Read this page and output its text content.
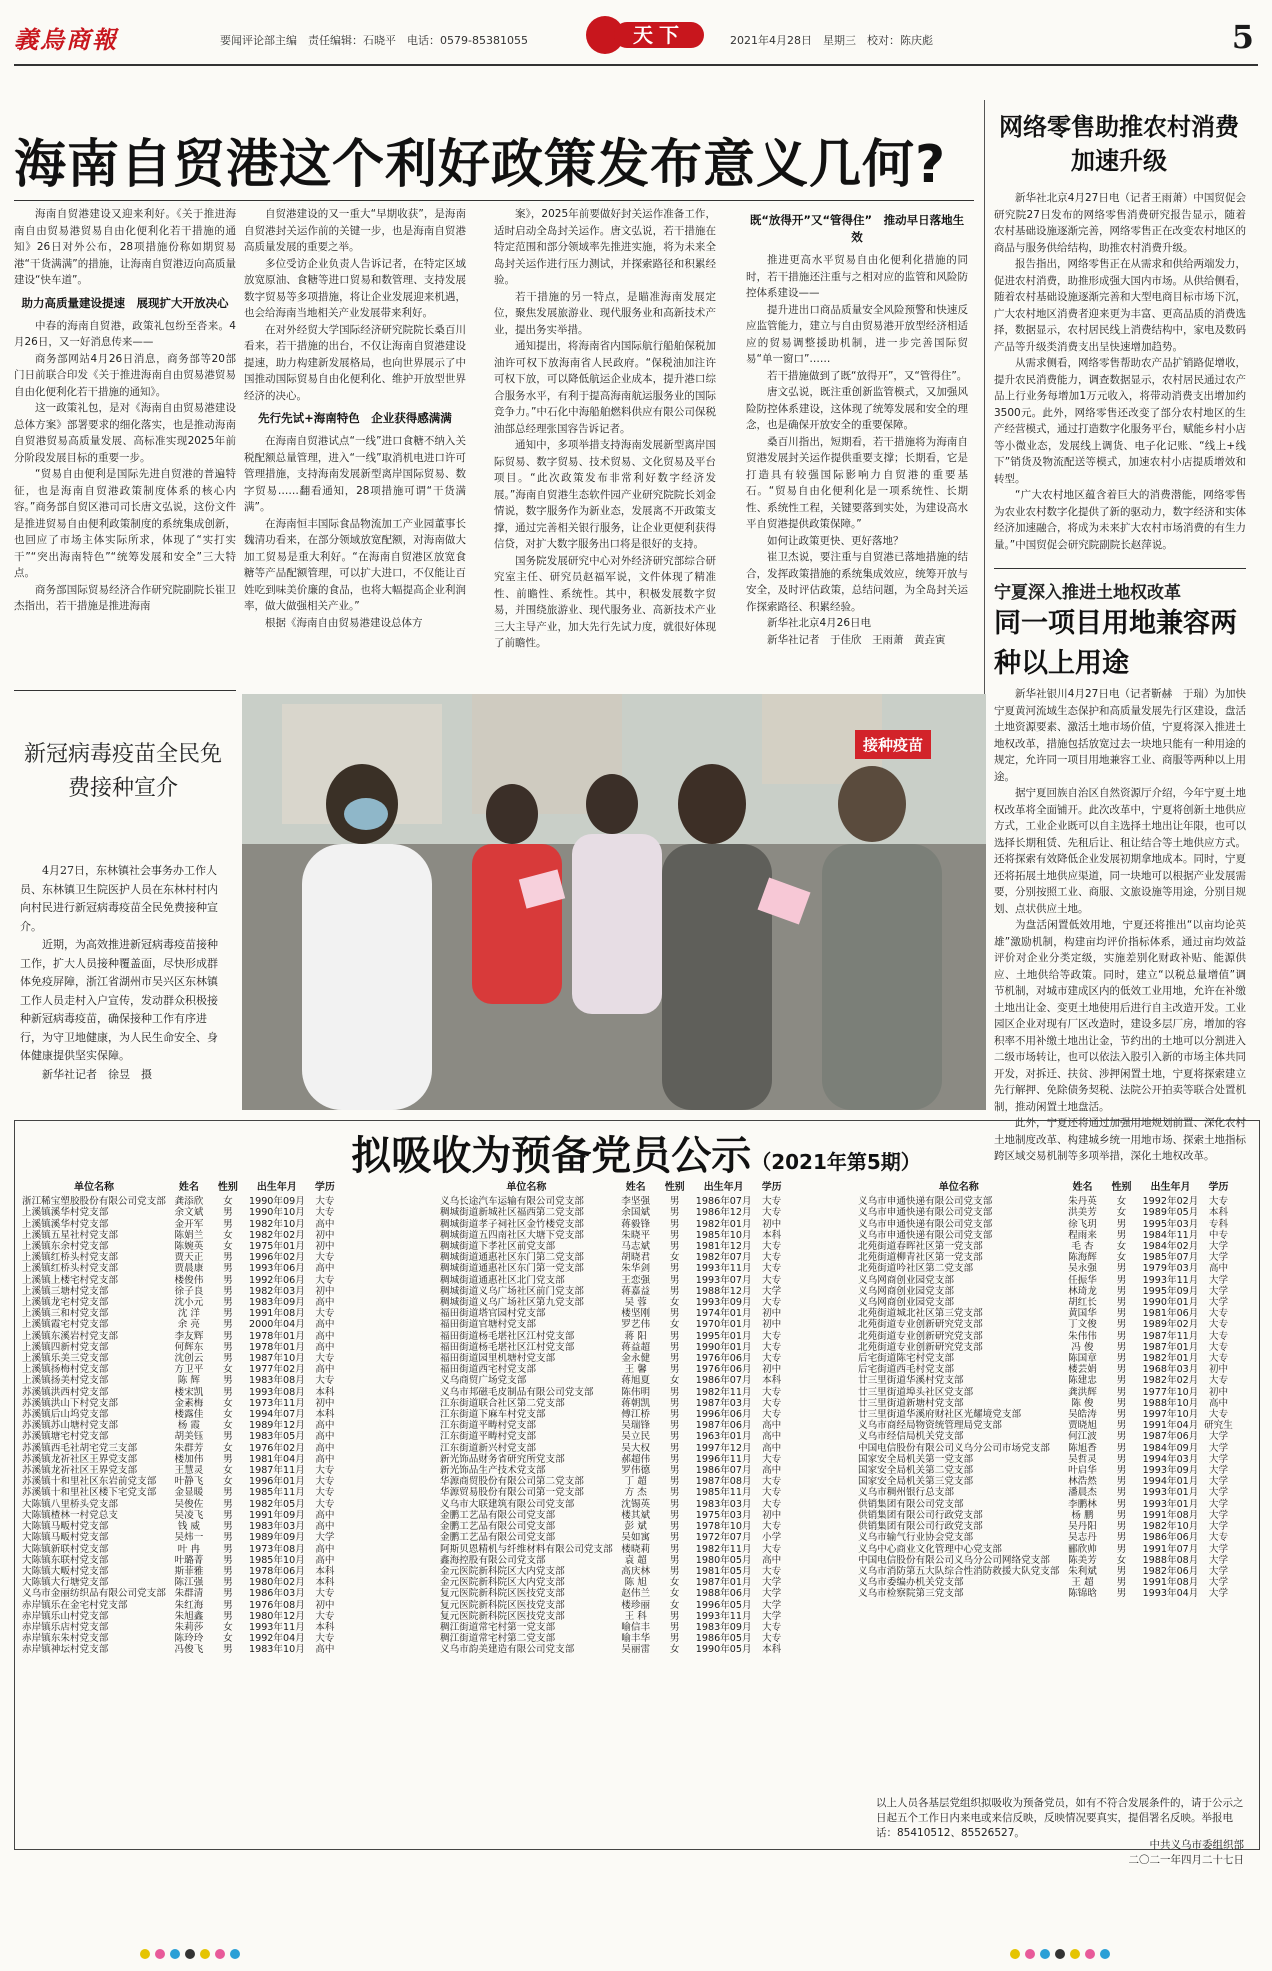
義烏商報	要闻评论部主编　责任编辑：石晓平　电话：0579-85381055	天下	2021年4月28日　星期三　校对：陈庆彪	5
海南自贸港这个利好政策发布意义几何?

海南自贸港建设又迎来利好。《关于推进海南自由贸易港贸易自由化便利化若干措施的通知》26日对外公布，28项措施份称如期贸易港“干货满满”的措施，让海南自贸港迈向高质量建设“快车道”。

助力高质量建设提速　展现扩大开放决心

中春的海南自贸港，政策礼包纷至沓来。4月26日，又一好消息传来——

商务部网站4月26日消息，商务部等20部门日前联合印发《关于推进海南自由贸易港贸易自由化便利化若干措施的通知》。

这一政策礼包，是对《海南自由贸易港建设总体方案》部署要求的细化落实，也是推动海南自贸港贸易高质量发展、高标准实现2025年前分阶段发展目标的重要一步。

“贸易自由便利是国际先进自贸港的普遍特征，也是海南自贸港政策制度体系的核心内容。”商务部自贸区港司司长唐文弘说，这份文件是推进贸易自由便利政策制度的系统集成创新，也回应了市场主体实际所求，体现了“实打实干”“突出海南特色”“统筹发展和安全”三大特点。

商务部国际贸易经济合作研究院副院长崔卫杰指出，若干措施是推进海南

自贸港建设的又一重大“早期收获”，是海南自贸港封关运作前的关键一步，也是海南自贸港高质量发展的重要之举。

多位受访企业负责人告诉记者，在特定区域放宽原油、食糖等进口贸易和数管理、支持发展数字贸易等多项措施，将让企业发展迎来机遇，也会给海南当地相关产业发展带来利好。

在对外经贸大学国际经济研究院院长桑百川看来，若干措施的出台，不仅让海南自贸港建设提速，助力构建新发展格局，也向世界展示了中国推动国际贸易自由化便利化、维护开放型世界经济的决心。

先行先试+海南特色　企业获得感满满

在海南自贸港试点“一线”进口食糖不纳入关税配额总量管理，进入“一线”取消机电进口许可管理措施，支持海南发展新型离岸国际贸易、数字贸易……翻看通知，28项措施可谓“干货满满”。

在海南恒丰国际食品物流加工产业园董事长魏清功看来，在部分领域放宽配额，对海南做大加工贸易是重大利好。“在海南自贸港区放宽食糖等产品配额管理，可以扩大进口，不仅能让百姓吃到味美价廉的食品，也将大幅提高企业利润率，做大做强相关产业。”

根据《海南自由贸易港建设总体方

案》，2025年前要做好封关运作准备工作，适时启动全岛封关运作。唐文弘说，若干措施在特定范围和部分领域率先推进实施，将为未来全岛封关运作进行压力测试，并探索路径和积累经验。

若干措施的另一特点，是瞄准海南发展定位，聚焦发展旅游业、现代服务业和高新技术产业，提出务实举措。

通知提出，将海南省内国际航行船舶保税加油许可权下放海南省人民政府。“保税油加注许可权下放，可以降低航运企业成本，提升港口综合服务水平，有利于提高海南航运服务业的国际竞争力。”中石化中海船舶燃料供应有限公司保税油部总经理张国容告诉记者。

通知中，多项举措支持海南发展新型离岸国际贸易、数字贸易、技术贸易、文化贸易及平台项目。“此次政策发布非常利好数字经济发展。”海南自贸港生态软件园产业研究院院长刘金情说，数字服务作为新业态，发展离不开政策支撑，通过完善相关银行服务，让企业更便利获得信贷，对扩大数字服务出口将是很好的支持。

国务院发展研究中心对外经济研究部综合研究室主任、研究员赵福军说，文件体现了精准性、前瞻性、系统性。其中，积极发展数字贸易，并围绕旅游业、现代服务业、高新技术产业三大主导产业，加大先行先试力度，就很好体现了前瞻性。

既“放得开”又“管得住”　推动早日落地生效

推进更高水平贸易自由化便利化措施的同时，若干措施还注重与之相对应的监管和风险防控体系建设——

提升进出口商品质量安全风险预警和快速反应监管能力，建立与自由贸易港开放型经济相适应的贸易调整援助机制，进一步完善国际贸易“单一窗口”……

若干措施做到了既“放得开”，又“管得住”。

唐文弘说，既注重创新监管模式，又加强风险防控体系建设，这体现了统筹发展和安全的理念，也是确保开放安全的重要保障。

桑百川指出，短期看，若干措施将为海南自贸港发展封关运作提供重要支撑；长期看，它是打造具有较强国际影响力自贸港的重要基石。“贸易自由化便利化是一项系统性、长期性、系统性工程，关键要落到实处，为建设高水平自贸港提供政策保障。”

如何让政策更快、更好落地？

崔卫杰说，要注重与自贸港已落地措施的结合，发挥政策措施的系统集成效应，统筹开放与安全，及时评估政策，总结问题，为全岛封关运作探索路径、积累经验。

新华社北京4月26日电

新华社记者　于佳欣　王雨萧　黄垚寅

网络零售助推农村消费加速升级

新华社北京4月27日电（记者王雨萧）中国贸促会研究院27日发布的网络零售消费研究报告显示，随着农村基础设施逐渐完善，网络零售正在改变农村地区的商品与服务供给结构，助推农村消费升级。

报告指出，网络零售正在从需求和供给两端发力，促进农村消费，助推形成强大国内市场。从供给侧看，随着农村基础设施逐渐完善和大型电商目标市场下沉，广大农村地区消费者迎来更为丰富、更高品质的消费选择，数据显示，农村居民线上消费结构中，家电及数码产品等升级类消费支出呈快速增加趋势。

从需求侧看，网络零售帮助农产品扩销路促增收，提升农民消费能力，调查数据显示，农村居民通过农产品上行业务每增加1万元收入，将带动消费支出增加约3500元。此外，网络零售还改变了部分农村地区的生产经营模式，通过打造数字化服务平台，赋能乡村小店等小微业态，发展线上调货、电子化记账、“线上+线下”销货及物流配送等模式，加速农村小店提质增效和转型。

“广大农村地区蕴含着巨大的消费潜能，网络零售为农业农村数字化提供了新的驱动力，数字经济和实体经济加速融合，将成为未来扩大农村市场消费的有生力量。”中国贸促会研究院副院长赵萍说。

宁夏深入推进土地权改革
同一项目用地兼容两种以上用途

新华社银川4月27日电（记者靳赫　于瑞）为加快宁夏黄河流域生态保护和高质量发展先行区建设，盘活土地资源要素、激活土地市场价值，宁夏将深入推进土地权改革，措施包括放宽过去一块地只能有一种用途的规定，允许同一项目用地兼容工业、商服等两种以上用途。

据宁夏回族自治区自然资源厅介绍，今年宁夏土地权改革将全面铺开。此次改革中，宁夏将创新土地供应方式，工业企业既可以自主选择土地出让年限，也可以选择长期租赁、先租后让、租让结合等土地供应方式。还将探索有效降低企业发展初期拿地成本。同时，宁夏还将拓展土地供应渠道，同一块地可以根据产业发展需要，分别按照工业、商服、文旅设施等用途，分别目规划、点状供应土地。

为盘活闲置低效用地，宁夏还将推出“以亩均论英雄”激励机制，构建亩均评价指标体系，通过亩均效益评价对企业分类定级，实施差别化财政补贴、能源供应、土地供给等政策。同时，建立“以税总量增值”调节机制，对城市建成区内的低效工业用地，允许在补缴土地出让金、变更土地使用后进行自主改造开发。工业园区企业对现有厂区改造时，建设多层厂房，增加的容积率不用补缴土地出让金，节约出的土地可以分割进入二级市场转让，也可以依法入股引入新的市场主体共同开发，对拆迁、扶贫、涉押闲置土地，宁夏将探索建立先行解押、免除债务契税、法院公开拍卖等联合处置机制，推动闲置土地盘活。

此外，宁夏还将通过加强用地规划前置、深化农村土地制度改革、构建城乡统一用地市场、探索土地指标跨区域交易机制等多项举措，深化土地权改革。

新冠病毒疫苗全民免费接种宣介

4月27日，东林镇社会事务办工作人员、东林镇卫生院医护人员在东林村村内向村民进行新冠病毒疫苗全民免费接种宣介。

近期，为高效推进新冠病毒疫苗接种工作，扩大人员接种覆盖面，尽快形成群体免疫屏障，浙江省湖州市吴兴区东林镇工作人员走村入户宣传，发动群众积极接种新冠病毒疫苗，确保接种工作有序进行，为守卫地健康，为人民生命安全、身体健康提供坚实保障。

新华社记者　徐昱　摄

接种疫苗
拟吸收为预备党员公示（2021年第5期）
单位名称	姓名	性别	出生年月	学历
浙江稀宝塑胶股份有限公司党支部	龚添欣	女	1990年09月	大专
上溪镇溪华村党支部	余文斌	男	1990年10月	大专
上溪镇溪华村党支部	金开军	男	1982年10月	高中
上溪镇五星社村党支部	陈娟兰	女	1982年02月	初中
上溪镇东余村党支部	陈婉英	女	1975年01月	初中
上溪镇红桥头村党支部	贾天正	男	1996年02月	大专
上溪镇红桥头村党支部	贾晨康	男	1993年06月	高中
上溪镇上楼宅村党支部	楼俊伟	男	1992年06月	大专
上溪镇三塘村党支部	徐子良	男	1982年03月	初中
上溪镇龙宅村党支部	沈小元	男	1983年09月	高中
上溪镇三和村党支部	沈 洋	男	1991年08月	大专
上溪镇霞宅村党支部	余 亮	男	2000年04月	高中
上溪镇东溪岩村党支部	李友辉	男	1978年01月	高中
上溪镇四新村党支部	何辉东	男	1978年01月	高中
上溪镇乐美三党支部	沈创云	男	1987年10月	大专
上溪镇扬梅村党支部	方卫平	女	1977年02月	高中
上溪镇扬美村党支部	陈 辉	男	1983年08月	大专
苏溪镇洪西村党支部	楼宋凯	男	1993年08月	本科
苏溪镇洪山下村党支部	金素梅	女	1973年11月	初中
苏溪镇后山坞党支部	楼露佳	女	1994年07月	本科
苏溪镇苏山塘村党支部	杨 霞	女	1989年12月	高中
苏溪镇塘宅村党支部	胡美钰	男	1983年05月	高中
苏溪镇西毛社胡宅党三支部	朱群芳	女	1976年02月	高中
苏溪镇龙祈社区王界党支部	楼加伟	男	1981年04月	高中
苏溪镇龙祈社区王界党支部	王慧灵	女	1987年11月	大专
苏溪镇十和里社区东岩前党支部	叶静飞	女	1996年01月	大专
苏溪镇十和里社区楼下宅党支部	金显暖	男	1985年11月	大专
大陈镇八里桥头党支部	吴俊佐	男	1982年05月	大专
大陈镇楂林一村党总支	吴凌飞	男	1991年09月	高中
大陈镇马畈村党支部	钱 威	男	1983年03月	高中
大陈镇马畈村党支部	吴炜一	男	1989年09月	大学
大陈镇新联村党支部	叶 冉	男	1973年08月	高中
大陈镇东联村党支部	叶璐菁	男	1985年10月	高中
大陈镇大畈村党支部	斯菲雅	男	1978年06月	本科
大陈镇大行塘党支部	陈江强	男	1980年02月	本科
义乌市金丽纺织品有限公司党支部	朱群清	男	1986年03月	大专
赤岸镇乐在金宅村党支部	朱红海	男	1976年08月	初中
赤岸镇乐山村党支部	朱旭鑫	男	1980年12月	大专
赤岸镇乐店村党支部	朱莉莎	女	1993年11月	本科
赤岸镇东朱村党支部	陈玲玲	女	1992年04月	大专
赤岸镇神坛村党支部	冯俊飞	男	1983年10月	高中
单位名称	姓名	性别	出生年月	学历
义乌长途汽车运输有限公司党支部	李坚强	男	1986年07月	大专
稠城街道新城社区福西第二党支部	余国斌	男	1986年12月	大专
稠城街道孝子祠社区金竹楼党支部	蒋毅锋	男	1982年01月	初中
稠城街道五四南社区大塘下党支部	朱晓平	男	1985年10月	本科
稠城街道下孝社区前党支部	马志斌	男	1981年12月	大专
稠城街道通惠社区东门第二党支部	胡晓君	女	1982年07月	大专
稠城街道通惠社区东门第一党支部	朱华剑	男	1993年11月	大专
稠城街道通惠社区北门党支部	王恋强	男	1993年07月	大专
稠城街道义乌广场社区前门党支部	蒋嘉益	男	1988年12月	大学
稠城街道义乌广场社区第九党支部	吴 蓉	女	1993年09月	大专
福田街道塔官园村党支部	楼坚刚	男	1974年01月	初中
福田街道官塘村党支部	罗艺伟	女	1970年01月	初中
福田街道杨毛堪社区江村党支部	蒋 阳	男	1995年01月	大专
福田街道杨毛堪社区江村党支部	蒋益超	男	1990年01月	大专
福田街道园里机塘村党支部	金永健	男	1976年06月	大专
福田街道西宅村党支部	王 馨	男	1976年06月	初中
义乌商贸广场党支部	蒋旭夏	女	1986年07月	本科
义乌市邦磁毛皮制品有限公司党支部	陈伟明	男	1982年11月	大专
江东街道联合社区第二党支部	蒋朝凯	男	1987年03月	大专
江东街道下麻车村党支部	傅江桥	男	1996年06月	大专
江东街道平畴村党支部	吴瑞锋	男	1987年06月	高中
江东街道平畴村党支部	吴立民	男	1963年01月	高中
江东街道新兴村党支部	吴大权	男	1997年12月	高中
新光饰品财务省研究所党支部	郝超伟	男	1996年11月	大专
新光饰品生产技术党支部	罗伟德	男	1986年07月	高中
华源商贸股份有限公司第二党支部	丁 超	男	1987年08月	大专
华源贸易股份有限公司第一党支部	方 杰	男	1985年11月	大专
义乌市大联建筑有限公司党支部	沈锡英	男	1983年03月	大专
金鹏工艺品有限公司党支部	楼其斌	男	1975年03月	初中
金鹏工艺品有限公司党支部	彭 斌	男	1978年10月	大专
金鹏工艺品有限公司党支部	吴如寓	男	1972年07月	小学
阿斯贝恩精机与纤维材料有限公司党支部	楼晓莉	男	1982年11月	大专
鑫海控股有限公司党支部	袁 超	男	1980年05月	高中
金元医院新科院区大内党支部	高庆林	男	1981年05月	大专
金元医院新科院区大内党支部	陈 旭	女	1987年01月	大学
复元医院新科院区医技党支部	赵伟兰	女	1988年06月	大学
复元医院新科院区医技党支部	楼珍丽	女	1996年05月	大学
复元医院新科院区医技党支部	王 科	男	1993年11月	大学
稠江街道常宅村第一党支部	喻信丰	男	1983年09月	大专
稠江街道常宅村第二党支部	喻丰华	男	1986年05月	大专
义乌市韵美建造有限公司党支部	吴丽雷	女	1990年05月	本科
单位名称	姓名	性别	出生年月	学历
义乌市申通快递有限公司党支部	朱丹英	女	1992年02月	大专
义乌市申通快递有限公司党支部	洪美芳	女	1989年05月	本科
义乌市申通快递有限公司党支部	徐飞玥	男	1995年03月	专科
义乌市申通快递有限公司党支部	程雨来	男	1984年11月	中专
北苑街道春晖社区第一党支部	毛 杏	女	1984年02月	大学
北苑街道柳青社区第一党支部	陈海辉	女	1985年07月	大学
北苑街道吟社区第二党支部	吴永强	男	1979年03月	高中
义乌网商创业园党支部	任振华	男	1993年11月	大学
义乌网商创业园党支部	林琦龙	男	1995年09月	大学
义乌网商创业园党支部	胡红长	男	1990年01月	大学
北苑街道城北社区第三党支部	黄国华	男	1981年06月	大专
北苑街道专业创新研究党支部	丁文俊	男	1989年02月	大专
北苑街道专业创新研究党支部	朱伟伟	男	1987年11月	大专
北苑街道专业创新研究党支部	冯 俊	男	1987年01月	大专
后宅街道陈宅村党支部	陈国章	男	1982年01月	大专
后宅街道西毛村党支部	楼芸娟	男	1968年03月	初中
廿三里街道华溪村党支部	陈建忠	男	1982年02月	大专
廿三里街道埠头社区党支部	龚洪辉	男	1977年10月	初中
廿三里街道新塘村党支部	陈 俊	男	1988年10月	高中
廿三里街道华溪府财社区光耀境党支部	吴皓涛	男	1997年10月	大专
义乌市商经局物资统管理局党支部	贾晓旭	男	1991年04月	研究生
义乌市经信局机关党支部	何江波	男	1987年06月	大学
中国电信股份有限公司义乌分公司市场党支部	陈旭香	男	1984年09月	大学
国家安全局机关第一党支部	吴哲灵	男	1994年03月	大学
国家安全局机关第二党支部	叶启华	男	1993年09月	大学
国家安全局机关第三党支部	林浩然	男	1994年01月	大学
义乌市稠州银行总支部	潘晨杰	男	1993年01月	大学
供销集团有限公司党支部	李鹏林	男	1993年01月	大学
供销集团有限公司行政党支部	杨 鹏	男	1991年08月	大学
供销集团有限公司行政党支部	吴丹阳	男	1982年10月	大学
义乌市输气行业协会党支部	吴志丹	男	1986年06月	大专
义乌中心商业文化管理中心党支部	郦欣帅	男	1991年07月	大学
中国电信股份有限公司义乌分公司网络党支部	陈美芳	女	1988年08月	大学
义乌市消防第五大队综合性消防救援大队党支部	朱利斌	男	1982年06月	大学
义乌市委编办机关党支部	王 超	男	1991年08月	大学
义乌市检察院第三党支部	陈锦晗	男	1993年04月	大学
以上人员各基层党组织拟吸收为预备党员，如有不符合发展条件的，请于公示之日起五个工作日内来电或来信反映，反映情况要真实，提倡署名反映。举报电话：85410512、85526527。
中共义乌市委组织部
二〇二一年四月二十七日
